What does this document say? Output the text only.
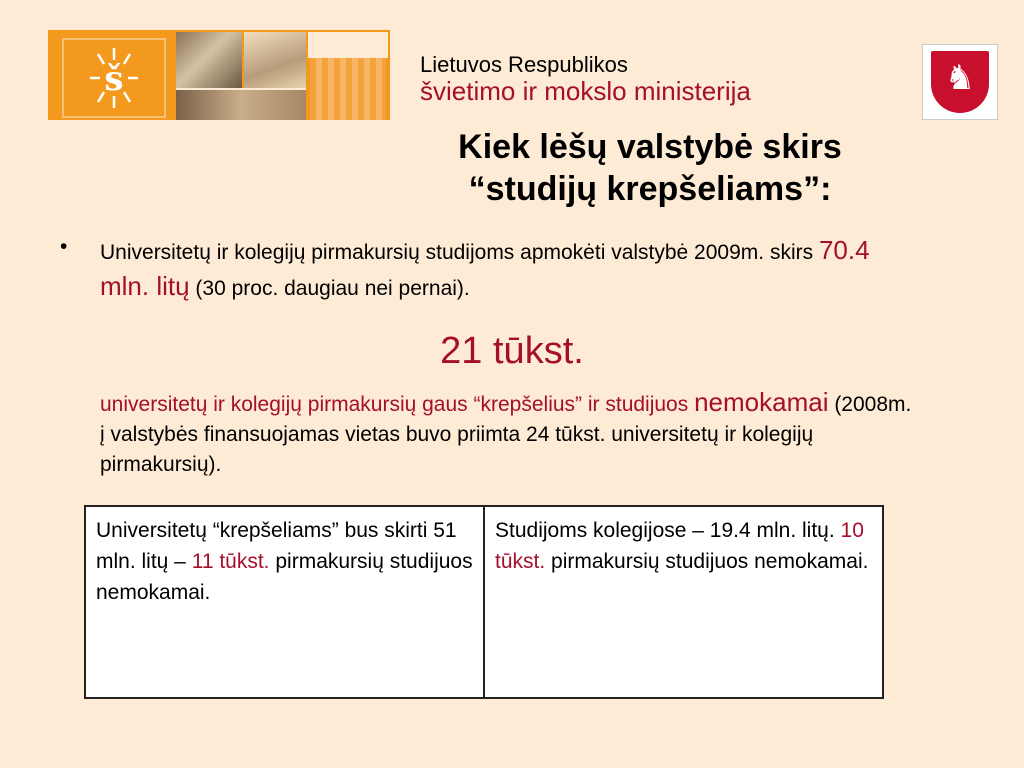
š	Lietuvos Respublikos
švietimo ir mokslo ministerija	♞
Kiek lėšų valstybė skirs
“studijų krepšeliams”:
• Universitetų ir kolegijų pirmakursių studijoms apmokėti valstybė 2009m. skirs 70.4 mln. litų (30 proc. daugiau nei pernai).
21 tūkst.
universitetų ir kolegijų pirmakursių gaus “krepšelius” ir studijuos nemokamai (2008m. į valstybės finansuojamas vietas buvo priimta 24 tūkst. universitetų ir kolegijų pirmakursių).
Universitetų “krepšeliams” bus skirti 51 mln. litų – 11 tūkst. pirmakursių studijuos nemokamai.	Studijoms kolegijose – 19.4 mln. litų. 10 tūkst. pirmakursių studijuos nemokamai.
